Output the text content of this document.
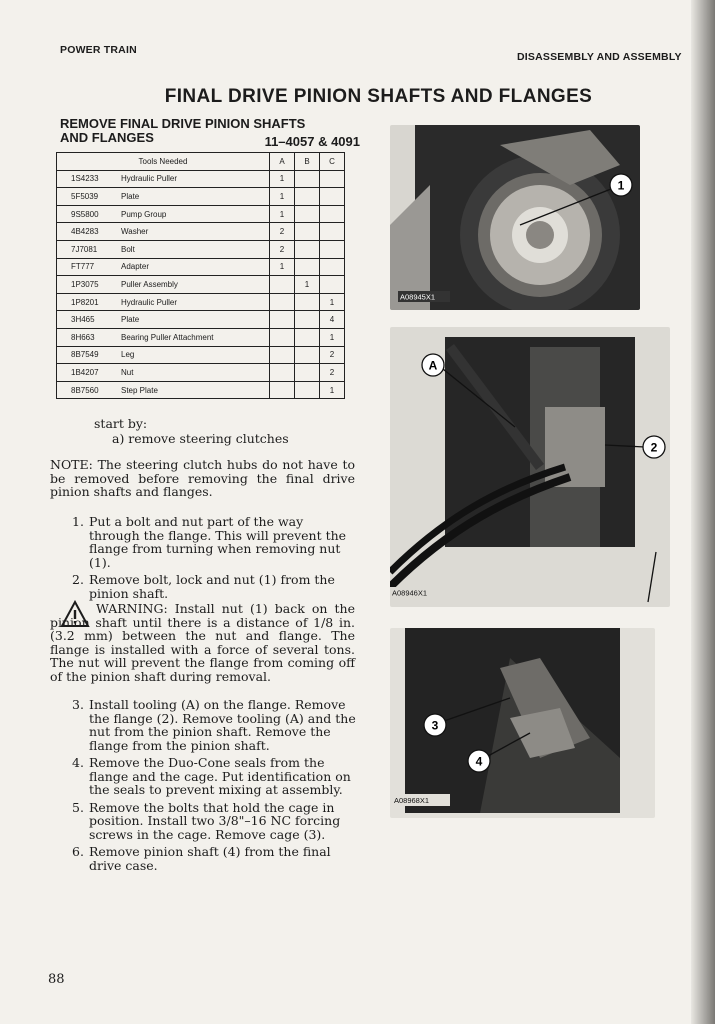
POWER TRAIN
DISASSEMBLY AND ASSEMBLY
FINAL DRIVE PINION SHAFTS AND FLANGES
REMOVE FINAL DRIVE PINION SHAFTS
AND FLANGES	11–4057 & 4091
Tools Needed		A	B	C
1S4233	Hydraulic Puller	1		
5F5039	Plate	1		
9S5800	Pump Group	1		
4B4283	Washer	2		
7J7081	Bolt	2		
FT777	Adapter	1		
1P3075	Puller Assembly		1	
1P8201	Hydraulic Puller			1
3H465	Plate			4
8H663	Bearing Puller Attachment			1
8B7549	Leg			2
1B4207	Nut			2
8B7560	Step Plate			1
start by:
a) remove steering clutches
NOTE: The steering clutch hubs do not have to be removed before removing the final drive pinion shafts and flanges.
1. Put a bolt and nut part of the way through the flange. This will prevent the flange from turning when removing nut (1).
2. Remove bolt, lock and nut (1) from the pinion shaft.
WARNING: Install nut (1) back on the pinion shaft until there is a distance of 1/8 in. (3.2 mm) between the nut and flange. The flange is installed with a force of several tons. The nut will prevent the flange from coming off of the pinion shaft during removal.
3. Install tooling (A) on the flange. Remove the flange (2). Remove tooling (A) and the nut from the pinion shaft. Remove the flange from the pinion shaft.
4. Remove the Duo-Cone seals from the flange and the cage. Put identification on the seals to prevent mixing at assembly.
5. Remove the bolts that hold the cage in position. Install two 3/8"–16 NC forcing screws in the cage. Remove cage (3).
6. Remove pinion shaft (4) from the final drive case.
1
A08945X1
A
2
A08946X1
3
4
A08968X1
88
